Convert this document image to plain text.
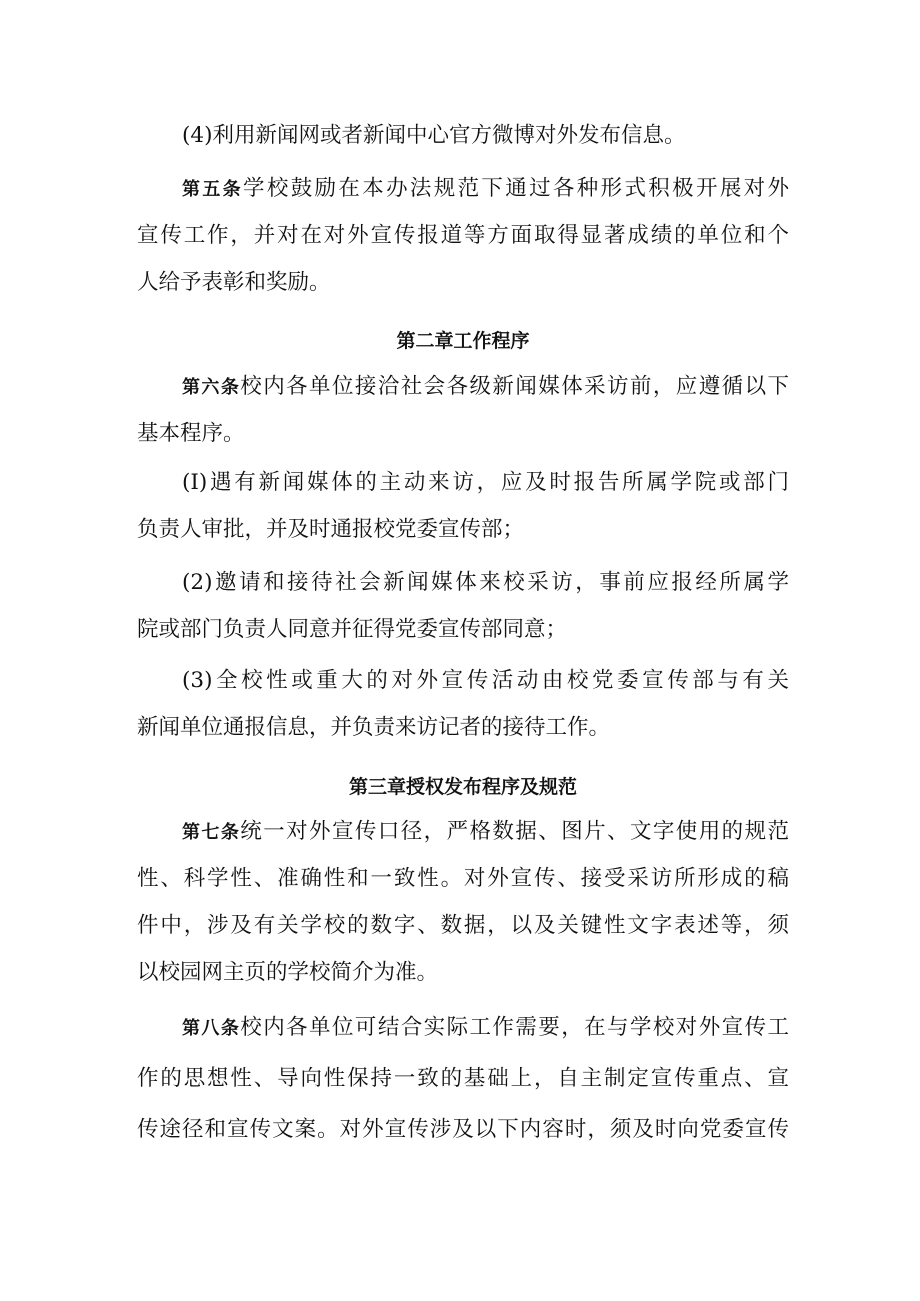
(4)利用新闻网或者新闻中心官方微博对外发布信息。
第五条学校鼓励在本办法规范下通过各种形式积极开展对外
宣传工作，并对在对外宣传报道等方面取得显著成绩的单位和个
人给予表彰和奖励。
第二章工作程序
第六条校内各单位接洽社会各级新闻媒体采访前，应遵循以下
基本程序。
(I)遇有新闻媒体的主动来访，应及时报告所属学院或部门
负责人审批，并及时通报校党委宣传部；
(2)邀请和接待社会新闻媒体来校采访，事前应报经所属学
院或部门负责人同意并征得党委宣传部同意；
(3)全校性或重大的对外宣传活动由校党委宣传部与有关
新闻单位通报信息，并负责来访记者的接待工作。
第三章授权发布程序及规范
第七条统一对外宣传口径，严格数据、图片、文字使用的规范
性、科学性、准确性和一致性。对外宣传、接受采访所形成的稿
件中，涉及有关学校的数字、数据，以及关键性文字表述等，须
以校园网主页的学校简介为准。
第八条校内各单位可结合实际工作需要，在与学校对外宣传工
作的思想性、导向性保持一致的基础上，自主制定宣传重点、宣
传途径和宣传文案。对外宣传涉及以下内容时，须及时向党委宣传
